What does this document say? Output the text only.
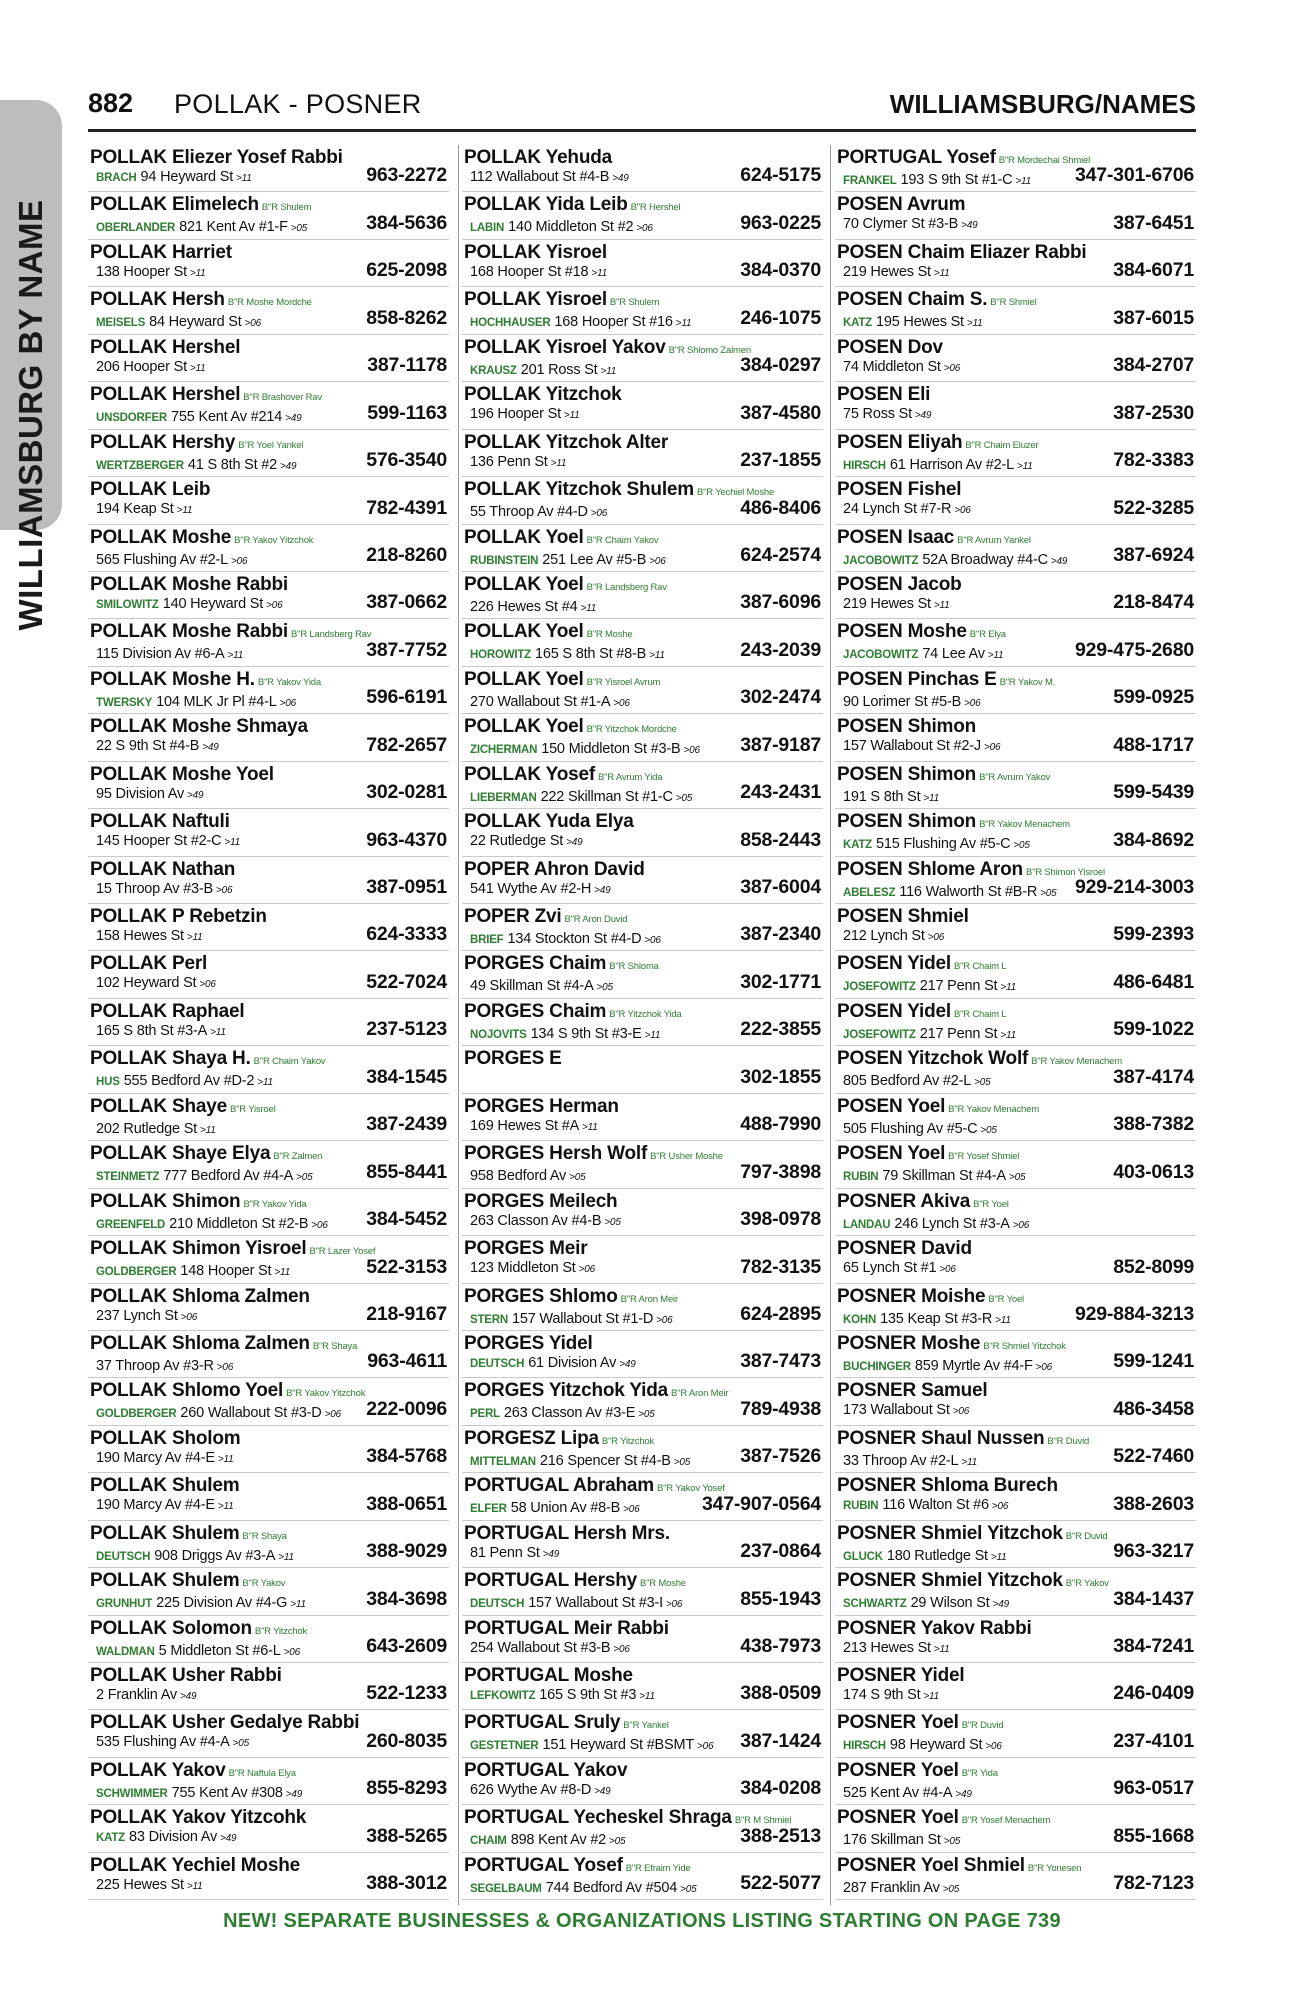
WILLIAMSBURG BY NAME
882 POLLAK - POSNER	WILLIAMSBURG/NAMES
POLLAK Eliezer Yosef Rabbi
BRACH 94 Heyward St >11	963-2272
POLLAK Elimelech B"R Shulem
OBERLANDER 821 Kent Av #1-F >05	384-5636
POLLAK Harriet
138 Hooper St >11	625-2098
POLLAK Hersh B"R Moshe Mordche
MEISELS 84 Heyward St >06	858-8262
POLLAK Hershel
206 Hooper St >11	387-1178
POLLAK Hershel B"R Brashover Rav
UNSDORFER 755 Kent Av #214 >49	599-1163
POLLAK Hershy B"R Yoel Yankel
WERTZBERGER 41 S 8th St #2 >49	576-3540
POLLAK Leib
194 Keap St >11	782-4391
POLLAK Moshe B"R Yakov Yitzchok
565 Flushing Av #2-L >06	218-8260
POLLAK Moshe Rabbi
SMILOWITZ 140 Heyward St >06	387-0662
POLLAK Moshe Rabbi B"R Landsberg Rav
115 Division Av #6-A >11	387-7752
POLLAK Moshe H. B"R Yakov Yida
TWERSKY 104 MLK Jr Pl #4-L >06	596-6191
POLLAK Moshe Shmaya
22 S 9th St #4-B >49	782-2657
POLLAK Moshe Yoel
95 Division Av >49	302-0281
POLLAK Naftuli
145 Hooper St #2-C >11	963-4370
POLLAK Nathan
15 Throop Av #3-B >06	387-0951
POLLAK P Rebetzin
158 Hewes St >11	624-3333
POLLAK Perl
102 Heyward St >06	522-7024
POLLAK Raphael
165 S 8th St #3-A >11	237-5123
POLLAK Shaya H. B"R Chaim Yakov
HUS 555 Bedford Av #D-2 >11	384-1545
POLLAK Shaye B"R Yisroel
202 Rutledge St >11	387-2439
POLLAK Shaye Elya B"R Zalmen
STEINMETZ 777 Bedford Av #4-A >05	855-8441
POLLAK Shimon B"R Yakov Yida
GREENFELD 210 Middleton St #2-B >06	384-5452
POLLAK Shimon Yisroel B"R Lazer Yosef
GOLDBERGER 148 Hooper St >11	522-3153
POLLAK Shloma Zalmen
237 Lynch St >06	218-9167
POLLAK Shloma Zalmen B"R Shaya
37 Throop Av #3-R >06	963-4611
POLLAK Shlomo Yoel B"R Yakov Yitzchok
GOLDBERGER 260 Wallabout St #3-D >06	222-0096
POLLAK Sholom
190 Marcy Av #4-E >11	384-5768
POLLAK Shulem
190 Marcy Av #4-E >11	388-0651
POLLAK Shulem B"R Shaya
DEUTSCH 908 Driggs Av #3-A >11	388-9029
POLLAK Shulem B"R Yakov
GRUNHUT 225 Division Av #4-G >11	384-3698
POLLAK Solomon B"R Yitzchok
WALDMAN 5 Middleton St #6-L >06	643-2609
POLLAK Usher Rabbi
2 Franklin Av >49	522-1233
POLLAK Usher Gedalye Rabbi
535 Flushing Av #4-A >05	260-8035
POLLAK Yakov B"R Naftula Elya
SCHWIMMER 755 Kent Av #308 >49	855-8293
POLLAK Yakov Yitzcohk
KATZ 83 Division Av >49	388-5265
POLLAK Yechiel Moshe
225 Hewes St >11	388-3012
POLLAK Yehuda
112 Wallabout St #4-B >49	624-5175
POLLAK Yida Leib B"R Hershel
LABIN 140 Middleton St #2 >06	963-0225
POLLAK Yisroel
168 Hooper St #18 >11	384-0370
POLLAK Yisroel B"R Shulem
HOCHHAUSER 168 Hooper St #16 >11	246-1075
POLLAK Yisroel Yakov B"R Shlomo Zalmen
KRAUSZ 201 Ross St >11	384-0297
POLLAK Yitzchok
196 Hooper St >11	387-4580
POLLAK Yitzchok Alter
136 Penn St >11	237-1855
POLLAK Yitzchok Shulem B"R Yechiel Moshe
55 Throop Av #4-D >06	486-8406
POLLAK Yoel B"R Chaim Yakov
RUBINSTEIN 251 Lee Av #5-B >06	624-2574
POLLAK Yoel B"R Landsberg Rav
226 Hewes St #4 >11	387-6096
POLLAK Yoel B"R Moshe
HOROWITZ 165 S 8th St #8-B >11	243-2039
POLLAK Yoel B"R Yisroel Avrum
270 Wallabout St #1-A >06	302-2474
POLLAK Yoel B"R Yitzchok Mordche
ZICHERMAN 150 Middleton St #3-B >06	387-9187
POLLAK Yosef B"R Avrum Yida
LIEBERMAN 222 Skillman St #1-C >05	243-2431
POLLAK Yuda Elya
22 Rutledge St >49	858-2443
POPER Ahron David
541 Wythe Av #2-H >49	387-6004
POPER Zvi B"R Aron Duvid
BRIEF 134 Stockton St #4-D >06	387-2340
PORGES Chaim B"R Shloma
49 Skillman St #4-A >05	302-1771
PORGES Chaim B"R Yitzchok Yida
NOJOVITS 134 S 9th St #3-E >11	222-3855
PORGES E
302-1855
PORGES Herman
169 Hewes St #A >11	488-7990
PORGES Hersh Wolf B"R Usher Moshe
958 Bedford Av >05	797-3898
PORGES Meilech
263 Classon Av #4-B >05	398-0978
PORGES Meir
123 Middleton St >06	782-3135
PORGES Shlomo B"R Aron Meir
STERN 157 Wallabout St #1-D >06	624-2895
PORGES Yidel
DEUTSCH 61 Division Av >49	387-7473
PORGES Yitzchok Yida B"R Aron Meir
PERL 263 Classon Av #3-E >05	789-4938
PORGESZ Lipa B"R Yitzchok
MITTELMAN 216 Spencer St #4-B >05	387-7526
PORTUGAL Abraham B"R Yakov Yosef
ELFER 58 Union Av #8-B >06	347-907-0564
PORTUGAL Hersh Mrs.
81 Penn St >49	237-0864
PORTUGAL Hershy B"R Moshe
DEUTSCH 157 Wallabout St #3-I >06	855-1943
PORTUGAL Meir Rabbi
254 Wallabout St #3-B >06	438-7973
PORTUGAL Moshe
LEFKOWITZ 165 S 9th St #3 >11	388-0509
PORTUGAL Sruly B"R Yankel
GESTETNER 151 Heyward St #BSMT >06	387-1424
PORTUGAL Yakov
626 Wythe Av #8-D >49	384-0208
PORTUGAL Yecheskel Shraga B"R M Shmiel
CHAIM 898 Kent Av #2 >05	388-2513
PORTUGAL Yosef B"R Efraim Yide
SEGELBAUM 744 Bedford Av #504 >05	522-5077
PORTUGAL Yosef B"R Mordechai Shmiel
FRANKEL 193 S 9th St #1-C >11	347-301-6706
POSEN Avrum
70 Clymer St #3-B >49	387-6451
POSEN Chaim Eliazer Rabbi
219 Hewes St >11	384-6071
POSEN Chaim S. B"R Shmiel
KATZ 195 Hewes St >11	387-6015
POSEN Dov
74 Middleton St >06	384-2707
POSEN Eli
75 Ross St >49	387-2530
POSEN Eliyah B"R Chaim Eluzer
HIRSCH 61 Harrison Av #2-L >11	782-3383
POSEN Fishel
24 Lynch St #7-R >06	522-3285
POSEN Isaac B"R Avrum Yankel
JACOBOWITZ 52A Broadway #4-C >49	387-6924
POSEN Jacob
219 Hewes St >11	218-8474
POSEN Moshe B"R Elya
JACOBOWITZ 74 Lee Av >11	929-475-2680
POSEN Pinchas E B"R Yakov M.
90 Lorimer St #5-B >06	599-0925
POSEN Shimon
157 Wallabout St #2-J >06	488-1717
POSEN Shimon B"R Avrum Yakov
191 S 8th St >11	599-5439
POSEN Shimon B"R Yakov Menachem
KATZ 515 Flushing Av #5-C >05	384-8692
POSEN Shlome Aron B"R Shimon Yisroel
ABELESZ 116 Walworth St #B-R >05 929-214-3003
POSEN Shmiel
212 Lynch St >06	599-2393
POSEN Yidel B"R Chaim L
JOSEFOWITZ 217 Penn St >11	486-6481
POSEN Yidel B"R Chaim L
JOSEFOWITZ 217 Penn St >11	599-1022
POSEN Yitzchok Wolf B"R Yakov Menachem
805 Bedford Av #2-L >05	387-4174
POSEN Yoel B"R Yakov Menachem
505 Flushing Av #5-C >05	388-7382
POSEN Yoel B"R Yosef Shmiel
RUBIN 79 Skillman St #4-A >05	403-0613
POSNER Akiva B"R Yoel
LANDAU 246 Lynch St #3-A >06
POSNER David
65 Lynch St #1 >06	852-8099
POSNER Moishe B"R Yoel
KOHN 135 Keap St #3-R >11	929-884-3213
POSNER Moshe B"R Shmiel Yitzchok
BUCHINGER 859 Myrtle Av #4-F >06	599-1241
POSNER Samuel
173 Wallabout St >06	486-3458
POSNER Shaul Nussen B"R Duvid
33 Throop Av #2-L >11	522-7460
POSNER Shloma Burech
RUBIN 116 Walton St #6 >06	388-2603
POSNER Shmiel Yitzchok B"R Duvid
GLUCK 180 Rutledge St >11	963-3217
POSNER Shmiel Yitzchok B"R Yakov
SCHWARTZ 29 Wilson St >49	384-1437
POSNER Yakov Rabbi
213 Hewes St >11	384-7241
POSNER Yidel
174 S 9th St >11	246-0409
POSNER Yoel B"R Duvid
HIRSCH 98 Heyward St >06	237-4101
POSNER Yoel B"R Yida
525 Kent Av #4-A >49	963-0517
POSNER Yoel B"R Yosef Menachem
176 Skillman St >05	855-1668
POSNER Yoel Shmiel B"R Yonesen
287 Franklin Av >05	782-7123
NEW! SEPARATE BUSINESSES & ORGANIZATIONS LISTING STARTING ON PAGE 739
